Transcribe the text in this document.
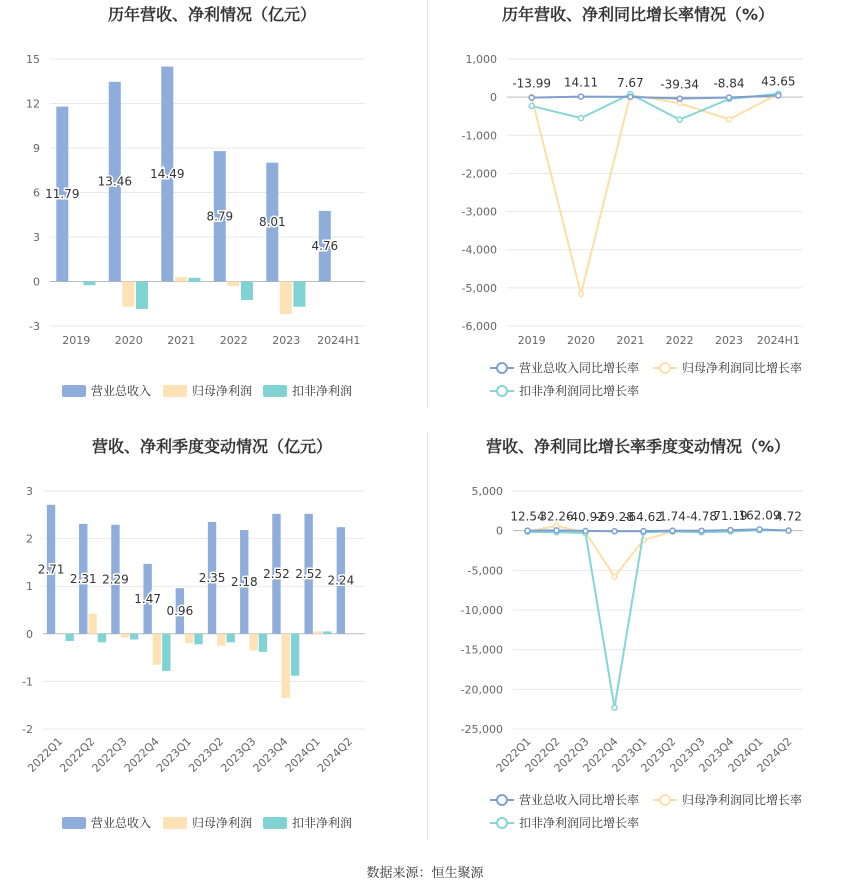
历年营收、净利情况（亿元）
15
12
9
6
3
0
-3
2019 2020 2021 2022 2023 2024H1
11.79
13.46
14.49
8.79 8.01
4.76
营业总收入	归母净利润	扣非净利润
历年营收、净利同比增长率情况（%）
1,000
0
-1,000
-2,000
-3,000
-4,000
-5,000
-6,000
2019 2020 2021 2022 2023 2024H1
-13.99 14.11 7.67 -39.34 -8.84 43.65
营业总收入同比增长率	归母净利润同比增长率
扣非净利润同比增长率
营收、净利季度变动情况（亿元）
3
2
1
0
-1
-2
2022Q1
2022Q2
2022Q3
2022Q4
2023Q1
2023Q2
2023Q3
2023Q4
2024Q1
2024Q2
2.71
2.31 2.29
1.47
0.96
2.35 2.18
2.52 2.52 2.24
营业总收入	归母净利润	扣非净利润
营收、净利同比增长率季度变动情况（%）
5,000
0
-5,000
-10,000
-15,000
-20,000
-25,000
2022Q1
2022Q2
2022Q3
2022Q4
2023Q1
2023Q2
2023Q3
2023Q4
2024Q1
2024Q2
12.54
32.26
-40.92
-69.28
-64.62
1.74 -4.78
71.19
162.09
4.72
营业总收入同比增长率	归母净利润同比增长率
扣非净利润同比增长率
数据来源：恒生聚源
